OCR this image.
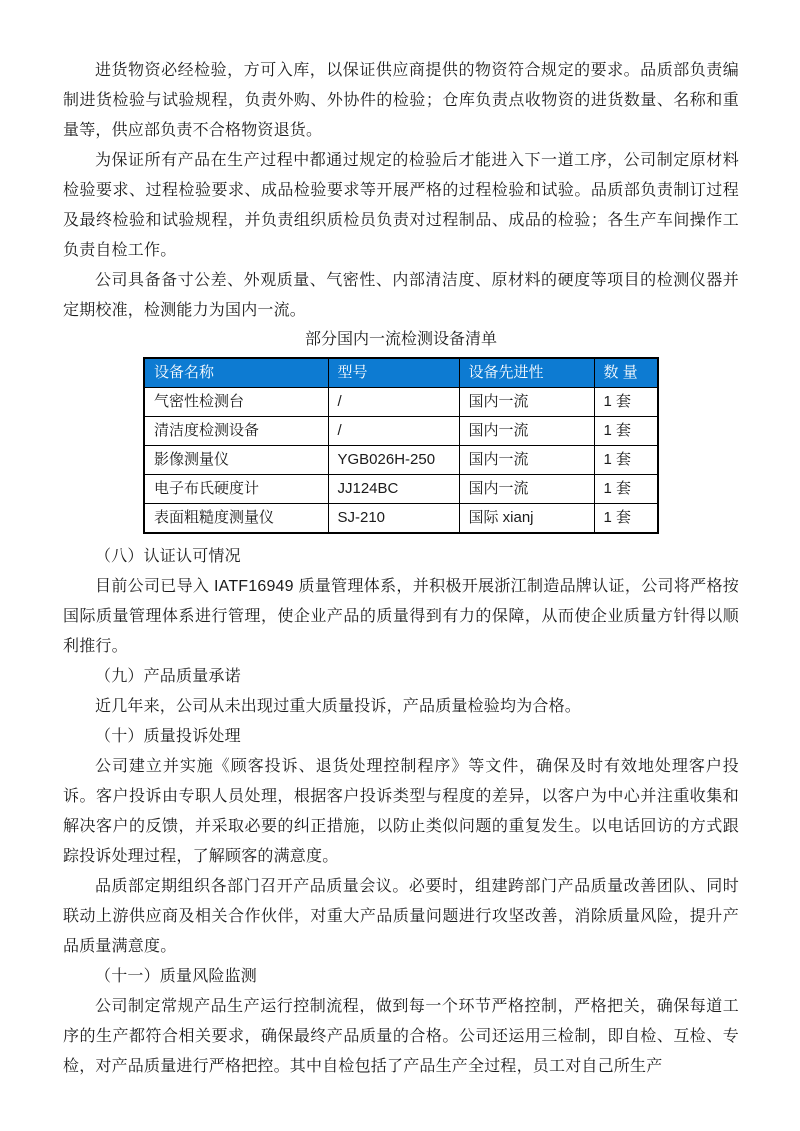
进货物资必经检验，方可入库，以保证供应商提供的物资符合规定的要求。品质部负责编制进货检验与试验规程，负责外购、外协件的检验；仓库负责点收物资的进货数量、名称和重量等，供应部负责不合格物资退货。

为保证所有产品在生产过程中都通过规定的检验后才能进入下一道工序，公司制定原材料检验要求、过程检验要求、成品检验要求等开展严格的过程检验和试验。品质部负责制订过程及最终检验和试验规程，并负责组织质检员负责对过程制品、成品的检验；各生产车间操作工负责自检工作。

公司具备备寸公差、外观质量、气密性、内部清洁度、原材料的硬度等项目的检测仪器并定期校准，检测能力为国内一流。

部分国内一流检测设备清单

设备名称	型号	设备先进性	数 量
气密性检测台	/	国内一流	1 套
清洁度检测设备	/	国内一流	1 套
影像测量仪	YGB026H-250	国内一流	1 套
电子布氏硬度计	JJ124BC	国内一流	1 套
表面粗糙度测量仪	SJ-210	国际 xianj	1 套

（八）认证认可情况

目前公司已导入 IATF16949 质量管理体系，并积极开展浙江制造品牌认证，公司将严格按国际质量管理体系进行管理，使企业产品的质量得到有力的保障，从而使企业质量方针得以顺利推行。

（九）产品质量承诺

近几年来，公司从未出现过重大质量投诉，产品质量检验均为合格。

（十）质量投诉处理

公司建立并实施《顾客投诉、退货处理控制程序》等文件，确保及时有效地处理客户投诉。客户投诉由专职人员处理，根据客户投诉类型与程度的差异，以客户为中心并注重收集和解决客户的反馈，并采取必要的纠正措施，以防止类似问题的重复发生。以电话回访的方式跟踪投诉处理过程，了解顾客的满意度。

品质部定期组织各部门召开产品质量会议。必要时，组建跨部门产品质量改善团队、同时联动上游供应商及相关合作伙伴，对重大产品质量问题进行攻坚改善，消除质量风险，提升产品质量满意度。

（十一）质量风险监测

公司制定常规产品生产运行控制流程，做到每一个环节严格控制，严格把关，确保每道工序的生产都符合相关要求，确保最终产品质量的合格。公司还运用三检制，即自检、互检、专检，对产品质量进行严格把控。其中自检包括了产品生产全过程，员工对自己所生产
